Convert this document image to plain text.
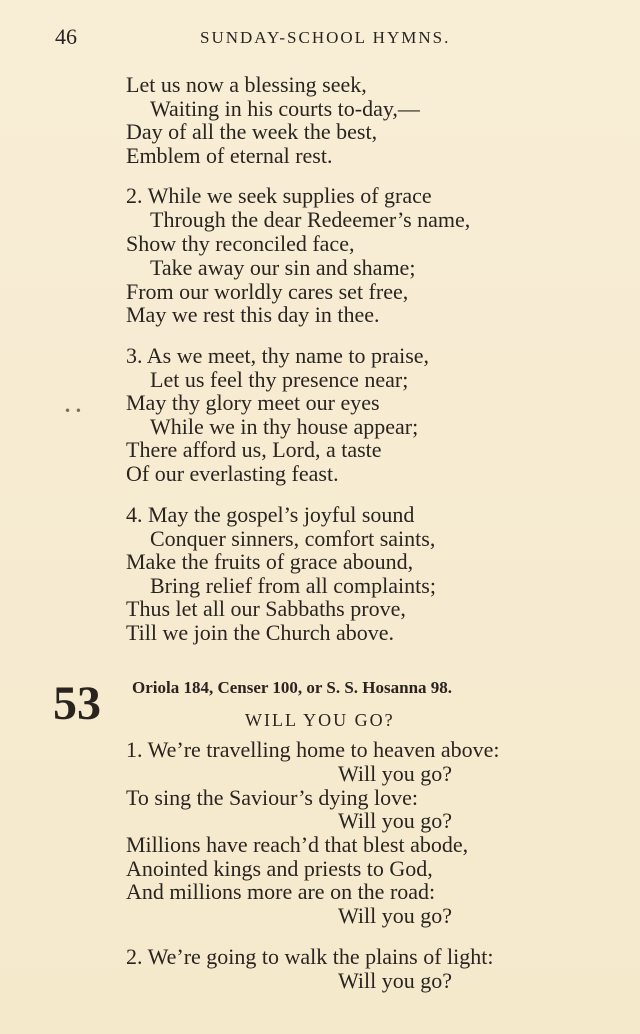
46	SUNDAY-SCHOOL HYMNS.
• •
Let us now a blessing seek,
Waiting in his courts to-day,—
Day of all the week the best,
Emblem of eternal rest.
2. While we seek supplies of grace
Through the dear Redeemer’s name,
Show thy reconciled face,
Take away our sin and shame;
From our worldly cares set free,
May we rest this day in thee.
3. As we meet, thy name to praise,
Let us feel thy presence near;
May thy glory meet our eyes
While we in thy house appear;
There afford us, Lord, a taste
Of our everlasting feast.
4. May the gospel’s joyful sound
Conquer sinners, comfort saints,
Make the fruits of grace abound,
Bring relief from all complaints;
Thus let all our Sabbaths prove,
Till we join the Church above.
53 Oriola 184, Censer 100, or S. S. Hosanna 98.
WILL YOU GO?
1. We’re travelling home to heaven above:
Will you go?
To sing the Saviour’s dying love:
Will you go?
Millions have reach’d that blest abode,
Anointed kings and priests to God,
And millions more are on the road:
Will you go?
2. We’re going to walk the plains of light:
Will you go?
